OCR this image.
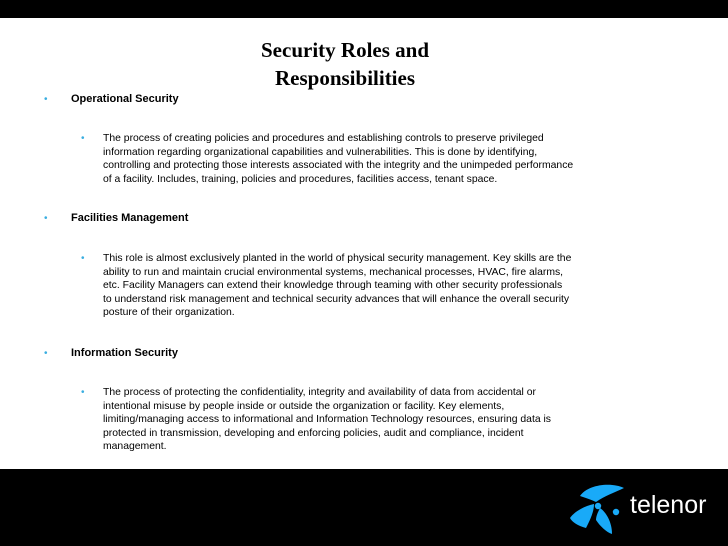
Security Roles and
Responsibilities
• Operational Security
• The process of creating policies and procedures and establishing controls to preserve privileged
information regarding organizational capabilities and vulnerabilities. This is done by identifying,
controlling and protecting those interests associated with the integrity and the unimpeded performance
of a facility. Includes, training, policies and procedures, facilities access, tenant space.
• Facilities Management
• This role is almost exclusively planted in the world of physical security management. Key skills are the
ability to run and maintain crucial environmental systems, mechanical processes, HVAC, fire alarms,
etc. Facility Managers can extend their knowledge through teaming with other security professionals
to understand risk management and technical security advances that will enhance the overall security
posture of their organization.
• Information Security
• The process of protecting the confidentiality, integrity and availability of data from accidental or
intentional misuse by people inside or outside the organization or facility. Key elements,
limiting/managing access to informational and Information Technology resources, ensuring data is
protected in transmission, developing and enforcing policies, audit and compliance, incident
management.
telenor
